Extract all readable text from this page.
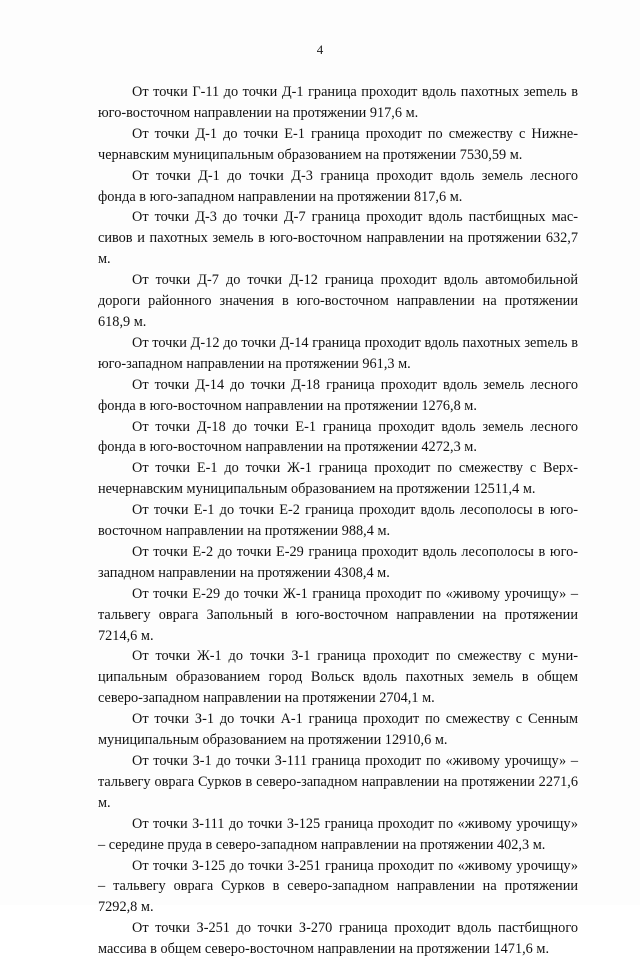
4

От точки Г-11 до точки Д-1 граница проходит вдоль пахотных зеmель в юго-восточном направлении на протяжении 917,6 м.

От точки Д-1 до точки Е-1 граница проходит по смежеству с Нижнечернавским муниципальным образованием на протяжении 7530,59 м.

От точки Д-1 до точки Д-3 граница проходит вдоль земель лесного фонда в юго-западном направлении на протяжении 817,6 м.

От точки Д-3 до точки Д-7 граница проходит вдоль пастбищных массивов и пахотных земель в юго-восточном направлении на протяжении 632,7 м.

От точки Д-7 до точки Д-12 граница проходит вдоль автомобильной дороги районного значения в юго-восточном направлении на протяжении 618,9 м.

От точки Д-12 до точки Д-14 граница проходит вдоль пахотных зеmель в юго-западном направлении на протяжении 961,3 м.

От точки Д-14 до точки Д-18 граница проходит вдоль земель лесного фонда в юго-восточном направлении на протяжении 1276,8 м.

От точки Д-18 до точки Е-1 граница проходит вдоль земель лесного фонда в юго-восточном направлении на протяжении 4272,3 м.

От точки Е-1 до точки Ж-1 граница проходит по смежеству с Верхнечернавским муниципальным образованием на протяжении 12511,4 м.

От точки Е-1 до точки Е-2 граница проходит вдоль лесополосы в юго-восточном направлении на протяжении 988,4 м.

От точки Е-2 до точки Е-29 граница проходит вдоль лесополосы в юго-западном направлении на протяжении 4308,4 м.

От точки Е-29 до точки Ж-1 граница проходит по «живому урочищу» – тальвегу оврага Запольный в юго-восточном направлении на протяжении 7214,6 м.

От точки Ж-1 до точки З-1 граница проходит по смежеству с муниципальным образованием город Вольск вдоль пахотных земель в общем северо-западном направлении на протяжении 2704,1 м.

От точки З-1 до точки А-1 граница проходит по смежеству с Сенным муниципальным образованием на протяжении 12910,6 м.

От точки З-1 до точки З-111 граница проходит по «живому урочищу» – тальвегу оврага Сурков в северо-западном направлении на протяжении 2271,6 м.

От точки З-111 до точки З-125 граница проходит по «живому урочищу» – середине пруда в северо-западном направлении на протяжении 402,3 м.

От точки З-125 до точки З-251 граница проходит по «живому урочищу» – тальвегу оврага Сурков в северо-западном направлении на протяжении 7292,8 м.

От точки З-251 до точки З-270 граница проходит вдоль пастбищного массива в общем северо-восточном направлении на протяжении 1471,6 м.
